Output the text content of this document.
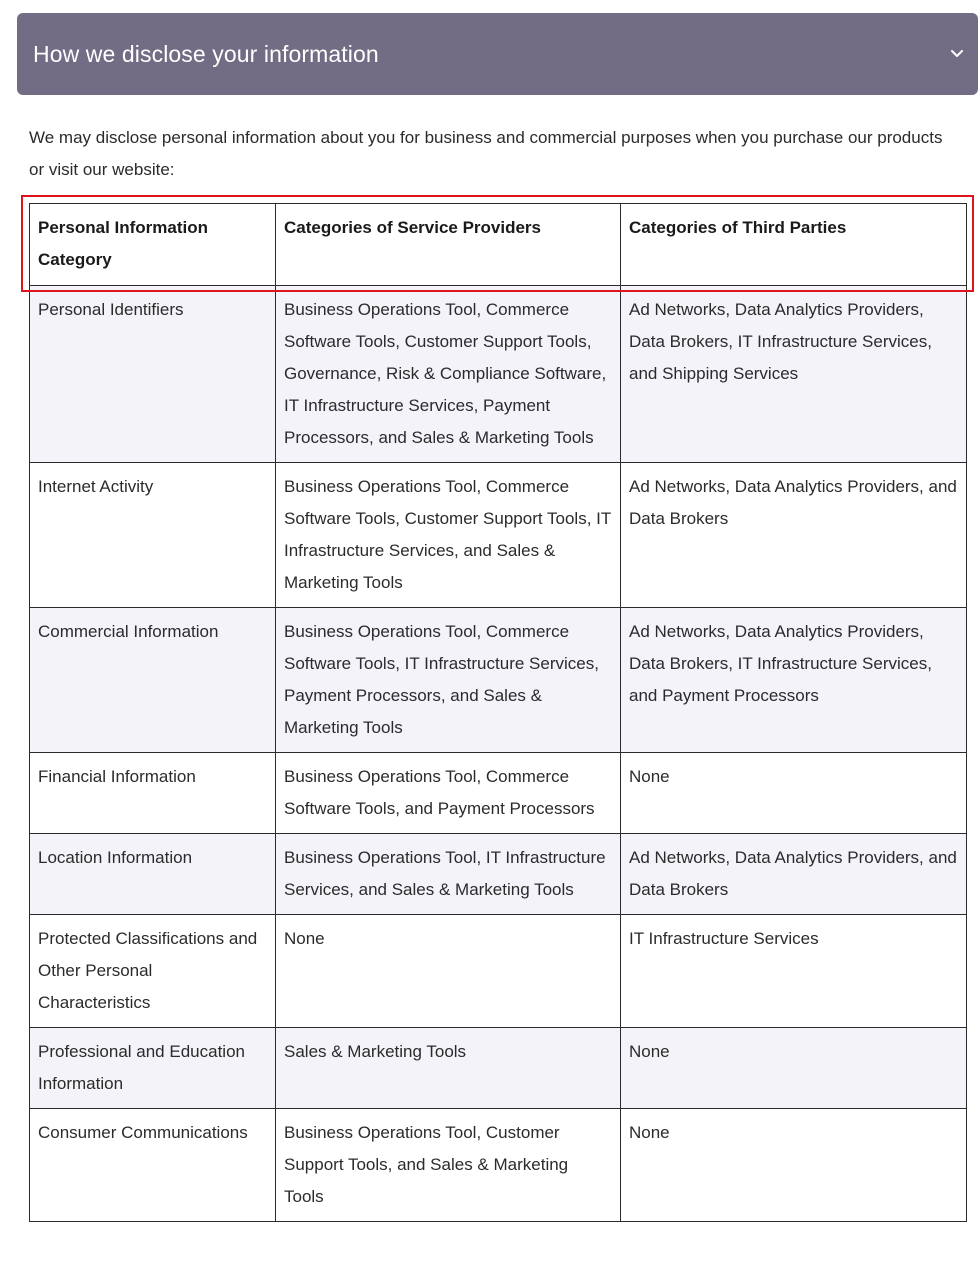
How we disclose your information

We may disclose personal information about you for business and commercial purposes when you purchase our products or visit our website:

Personal Information Category	Categories of Service Providers	Categories of Third Parties
Personal Identifiers	Business Operations Tool, Commerce Software Tools, Customer Support Tools, Governance, Risk & Compliance Software, IT Infrastructure Services, Payment Processors, and Sales & Marketing Tools	Ad Networks, Data Analytics Providers, Data Brokers, IT Infrastructure Services, and Shipping Services
Internet Activity	Business Operations Tool, Commerce Software Tools, Customer Support Tools, IT Infrastructure Services, and Sales & Marketing Tools	Ad Networks, Data Analytics Providers, and Data Brokers
Commercial Information	Business Operations Tool, Commerce Software Tools, IT Infrastructure Services, Payment Processors, and Sales & Marketing Tools	Ad Networks, Data Analytics Providers, Data Brokers, IT Infrastructure Services, and Payment Processors
Financial Information	Business Operations Tool, Commerce Software Tools, and Payment Processors	None
Location Information	Business Operations Tool, IT Infrastructure Services, and Sales & Marketing Tools	Ad Networks, Data Analytics Providers, and Data Brokers
Protected Classifications and Other Personal Characteristics	None	IT Infrastructure Services
Professional and Education Information	Sales & Marketing Tools	None
Consumer Communications	Business Operations Tool, Customer Support Tools, and Sales & Marketing Tools	None
